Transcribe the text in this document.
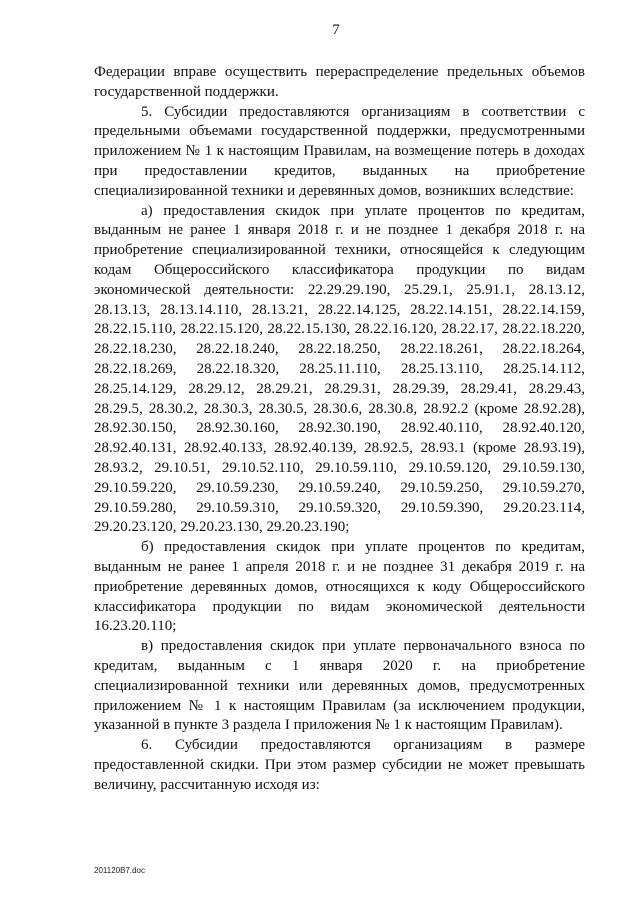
7

Федерации вправе осуществить перераспределение предельных объемов государственной поддержки.

5. Субсидии предоставляются организациям в соответствии с предельными объемами государственной поддержки, предусмотренными приложением № 1 к настоящим Правилам, на возмещение потерь в доходах при предоставлении кредитов, выданных на приобретение специализированной техники и деревянных домов, возникших вследствие:

а) предоставления скидок при уплате процентов по кредитам, выданным не ранее 1 января 2018 г. и не позднее 1 декабря 2018 г. на приобретение специализированной техники, относящейся к следующим кодам Общероссийского классификатора продукции по видам экономической деятельности: 22.29.29.190, 25.29.1, 25.91.1, 28.13.12, 28.13.13, 28.13.14.110, 28.13.21, 28.22.14.125, 28.22.14.151, 28.22.14.159, 28.22.15.110, 28.22.15.120, 28.22.15.130, 28.22.16.120, 28.22.17, 28.22.18.220, 28.22.18.230, 28.22.18.240, 28.22.18.250, 28.22.18.261, 28.22.18.264, 28.22.18.269, 28.22.18.320, 28.25.11.110, 28.25.13.110, 28.25.14.112, 28.25.14.129, 28.29.12, 28.29.21, 28.29.31, 28.29.39, 28.29.41, 28.29.43, 28.29.5, 28.30.2, 28.30.3, 28.30.5, 28.30.6, 28.30.8, 28.92.2 (кроме 28.92.28), 28.92.30.150, 28.92.30.160, 28.92.30.190, 28.92.40.110, 28.92.40.120, 28.92.40.131, 28.92.40.133, 28.92.40.139, 28.92.5, 28.93.1 (кроме 28.93.19), 28.93.2, 29.10.51, 29.10.52.110, 29.10.59.110, 29.10.59.120, 29.10.59.130, 29.10.59.220, 29.10.59.230, 29.10.59.240, 29.10.59.250, 29.10.59.270, 29.10.59.280, 29.10.59.310, 29.10.59.320, 29.10.59.390, 29.20.23.114, 29.20.23.120, 29.20.23.130, 29.20.23.190;

б) предоставления скидок при уплате процентов по кредитам, выданным не ранее 1 апреля 2018 г. и не позднее 31 декабря 2019 г. на приобретение деревянных домов, относящихся к коду Общероссийского классификатора продукции по видам экономической деятельности 16.23.20.110;

в) предоставления скидок при уплате первоначального взноса по кредитам, выданным с 1 января 2020 г. на приобретение специализированной техники или деревянных домов, предусмотренных приложением № 1 к настоящим Правилам (за исключением продукции, указанной в пункте 3 раздела I приложения № 1 к настоящим Правилам).

6. Субсидии предоставляются организациям в размере предоставленной скидки. При этом размер субсидии не может превышать величину, рассчитанную исходя из:

201120B7.doc
